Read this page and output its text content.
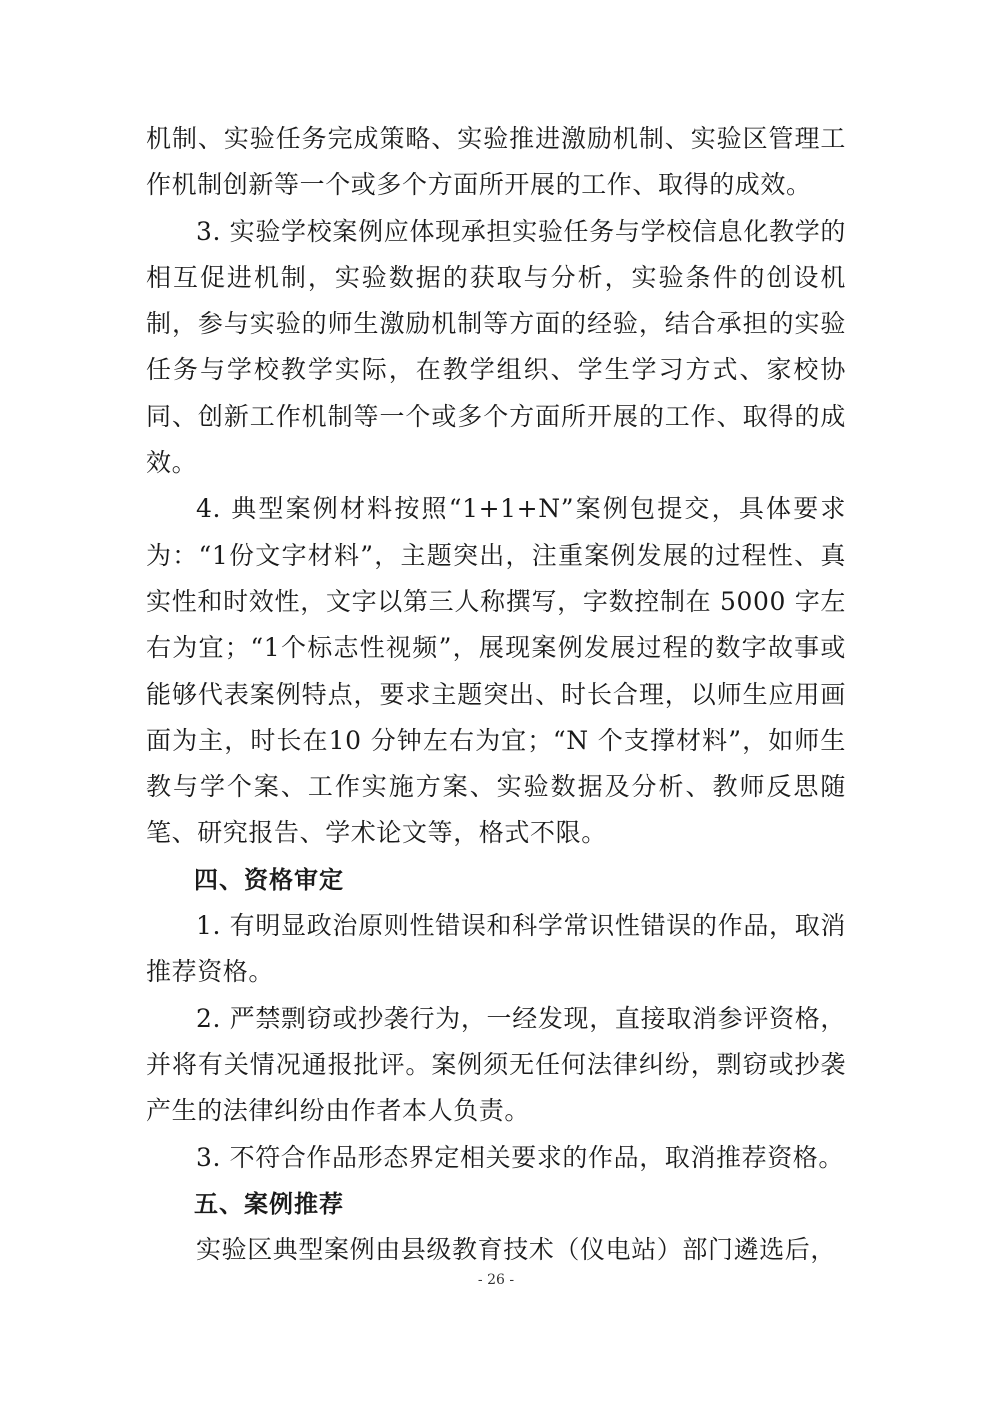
机制、实验任务完成策略、实验推进激励机制、实验区管理工作机制创新等一个或多个方面所开展的工作、取得的成效。

3. 实验学校案例应体现承担实验任务与学校信息化教学的相互促进机制，实验数据的获取与分析，实验条件的创设机制，参与实验的师生激励机制等方面的经验，结合承担的实验任务与学校教学实际，在教学组织、学生学习方式、家校协同、创新工作机制等一个或多个方面所开展的工作、取得的成效。

4. 典型案例材料按照“1+1+N”案例包提交，具体要求为：“1份文字材料”，主题突出，注重案例发展的过程性、真实性和时效性，文字以第三人称撰写，字数控制在 5000 字左右为宜；“1个标志性视频”，展现案例发展过程的数字故事或能够代表案例特点，要求主题突出、时长合理，以师生应用画面为主，时长在10 分钟左右为宜；“N 个支撑材料”，如师生教与学个案、工作实施方案、实验数据及分析、教师反思随笔、研究报告、学术论文等，格式不限。

四、资格审定

1. 有明显政治原则性错误和科学常识性错误的作品，取消推荐资格。

2. 严禁剽窃或抄袭行为，一经发现，直接取消参评资格，并将有关情况通报批评。案例须无任何法律纠纷，剽窃或抄袭产生的法律纠纷由作者本人负责。

3. 不符合作品形态界定相关要求的作品，取消推荐资格。

五、案例推荐

实验区典型案例由县级教育技术（仪电站）部门遴选后，

- 26 -
